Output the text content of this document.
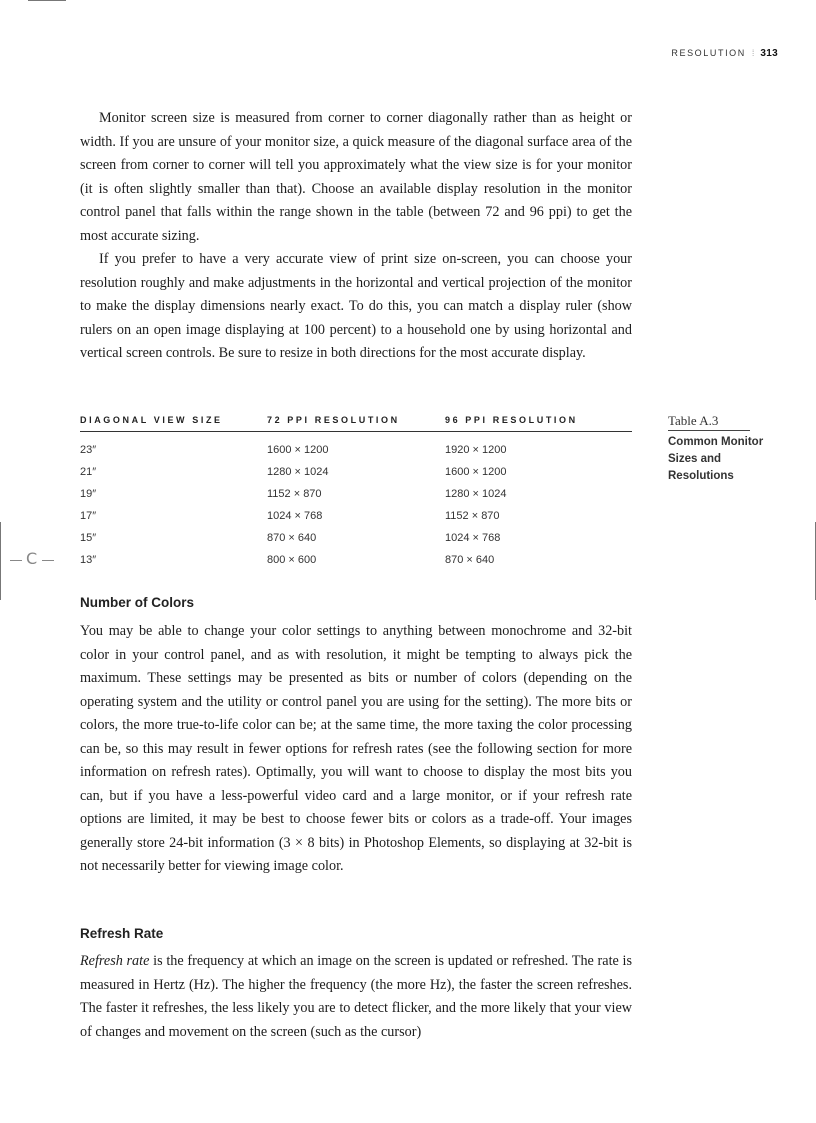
C
RESOLUTION ⁞ 313

Monitor screen size is measured from corner to corner diagonally rather than as height or width. If you are unsure of your monitor size, a quick measure of the diagonal surface area of the screen from corner to corner will tell you approximately what the view size is for your monitor (it is often slightly smaller than that). Choose an available display resolution in the monitor control panel that falls within the range shown in the table (between 72 and 96 ppi) to get the most accurate sizing.

If you prefer to have a very accurate view of print size on-screen, you can choose your resolution roughly and make adjustments in the horizontal and vertical projection of the monitor to make the display dimensions nearly exact. To do this, you can match a display ruler (show rulers on an open image displaying at 100 percent) to a household one by using horizontal and vertical screen controls. Be sure to resize in both directions for the most accurate display.

DIAGONAL VIEW SIZE	72 PPI RESOLUTION	96 PPI RESOLUTION
23″	1600 × 1200	1920 × 1200
21″	1280 × 1024	1600 × 1200
19″	1152 × 870	1280 × 1024
17″	1024 × 768	1152 × 870
15″	870 × 640	1024 × 768
13″	800 × 600	870 × 640
Table A.3
Common Monitor Sizes and Resolutions
Number of Colors

You may be able to change your color settings to anything between monochrome and 32-bit color in your control panel, and as with resolution, it might be tempting to always pick the maximum. These settings may be presented as bits or number of colors (depending on the operating system and the utility or control panel you are using for the setting). The more bits or colors, the more true-to-life color can be; at the same time, the more taxing the color processing can be, so this may result in fewer options for refresh rates (see the following section for more information on refresh rates). Optimally, you will want to choose to display the most bits you can, but if you have a less-powerful video card and a large monitor, or if your refresh rate options are limited, it may be best to choose fewer bits or colors as a trade-off. Your images generally store 24-bit information (3 × 8 bits) in Photoshop Elements, so displaying at 32-bit is not necessarily better for viewing image color.

Refresh Rate

Refresh rate is the frequency at which an image on the screen is updated or refreshed. The rate is measured in Hertz (Hz). The higher the frequency (the more Hz), the faster the screen refreshes. The faster it refreshes, the less likely you are to detect flicker, and the more likely that your view of changes and movement on the screen (such as the cursor)
